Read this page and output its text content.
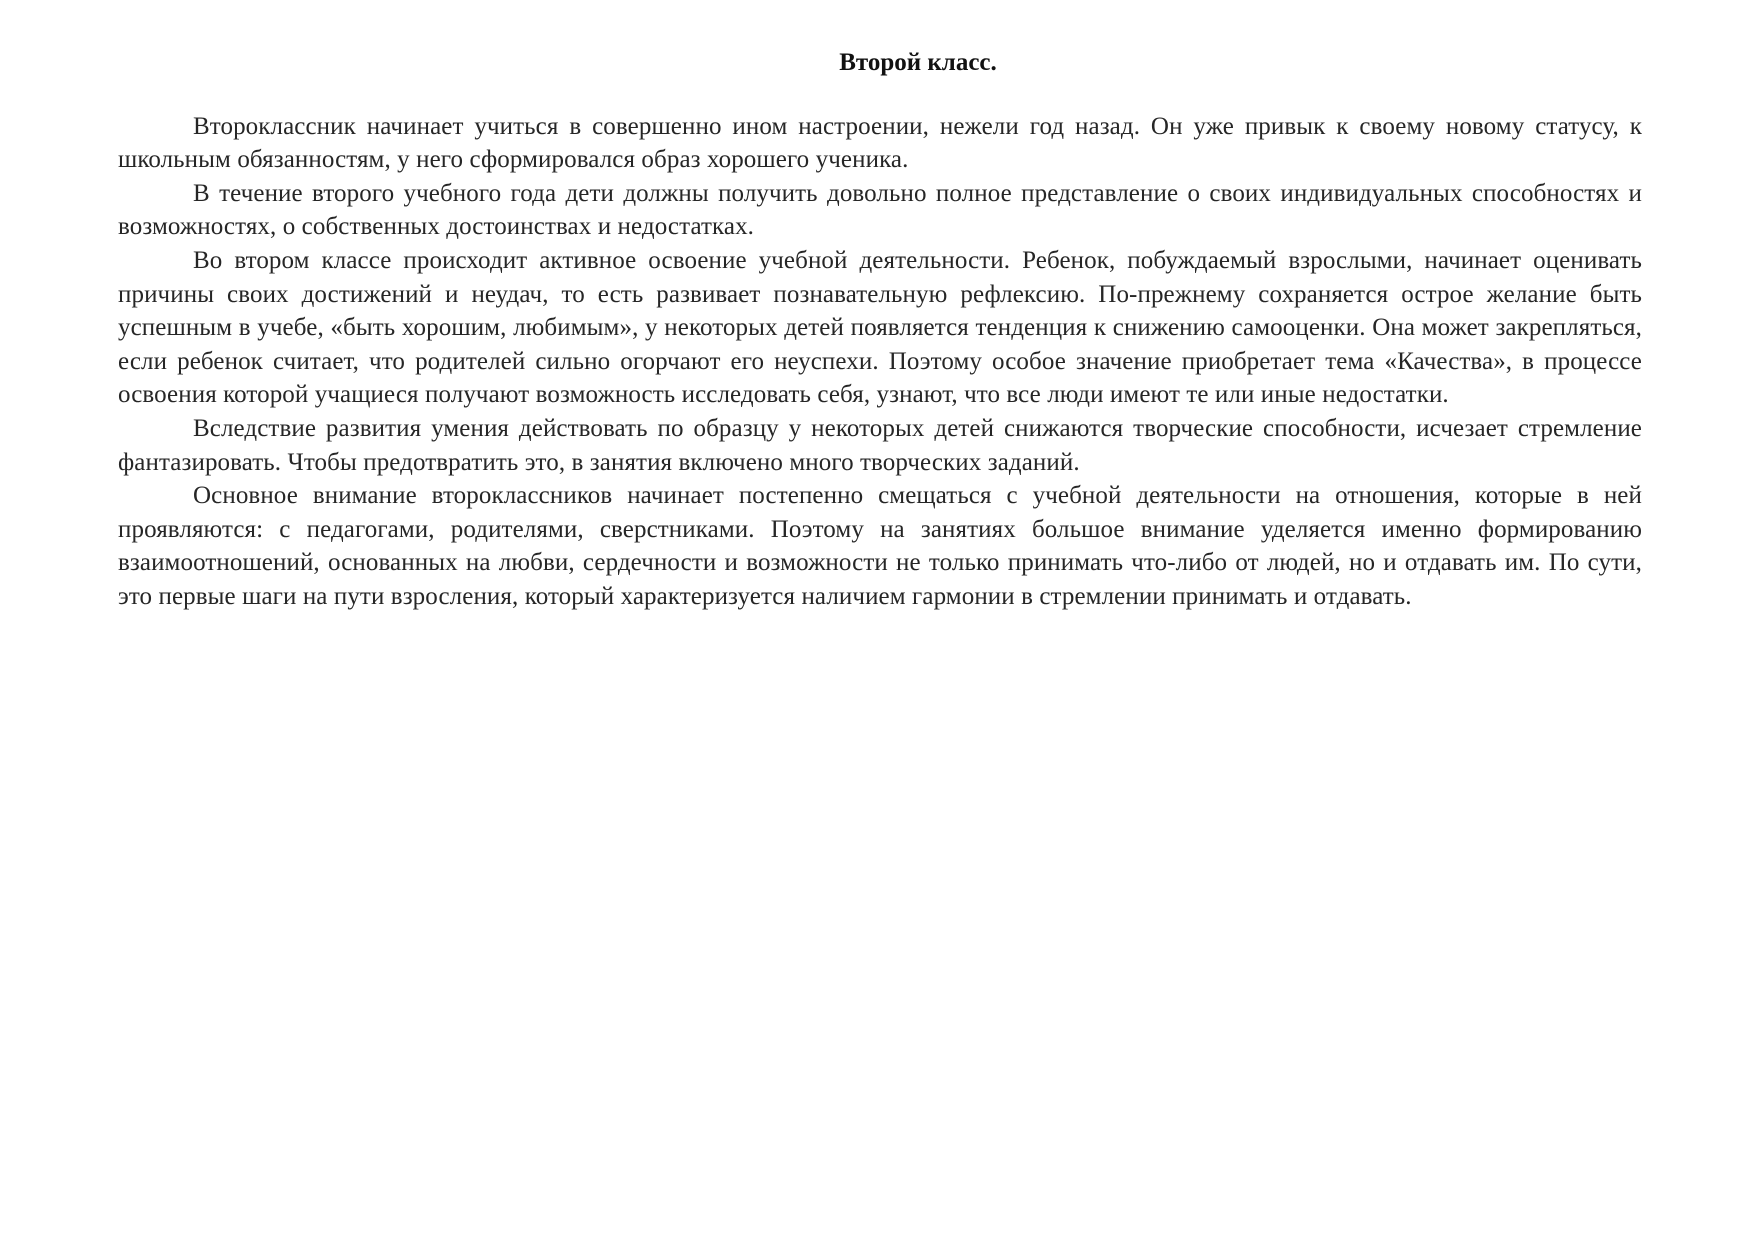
Второй класс.

Второклассник начинает учиться в совершенно ином настроении, нежели год назад. Он уже привык к своему новому статусу, к школьным обязанностям, у него сформировался образ хорошего ученика.

В течение второго учебного года дети должны получить довольно полное представление о своих индивидуальных способностях и возможностях, о собственных достоинствах и недостатках.

Во втором классе происходит активное освоение учебной деятельности. Ребенок, побуждаемый взрослыми, начинает оценивать причины своих достижений и неудач, то есть развивает познавательную рефлексию. По-прежнему сохраняется острое желание быть успешным в учебе, «быть хорошим, любимым», у некоторых детей появляется тенденция к снижению самооценки. Она может закрепляться, если ребенок считает, что родителей сильно огорчают его неуспехи. Поэтому особое значение приобретает тема «Качества», в процессе освоения которой учащиеся получают возможность исследовать себя, узнают, что все люди имеют те или иные недостатки.

Вследствие развития умения действовать по образцу у некоторых детей снижаются творческие способности, исчезает стремление фантазировать. Чтобы предотвратить это, в занятия включено много творческих заданий.

Основное внимание второклассников начинает постепенно смещаться с учебной деятельности на отношения, которые в ней проявляются: с педагогами, родителями, сверстниками. Поэтому на занятиях большое внимание уделяется именно формированию взаимоотношений, основанных на любви, сердечности и возможности не только принимать что-либо от людей, но и отдавать им. По сути, это первые шаги на пути взросления, который характеризуется наличием гармонии в стремлении принимать и отдавать.
